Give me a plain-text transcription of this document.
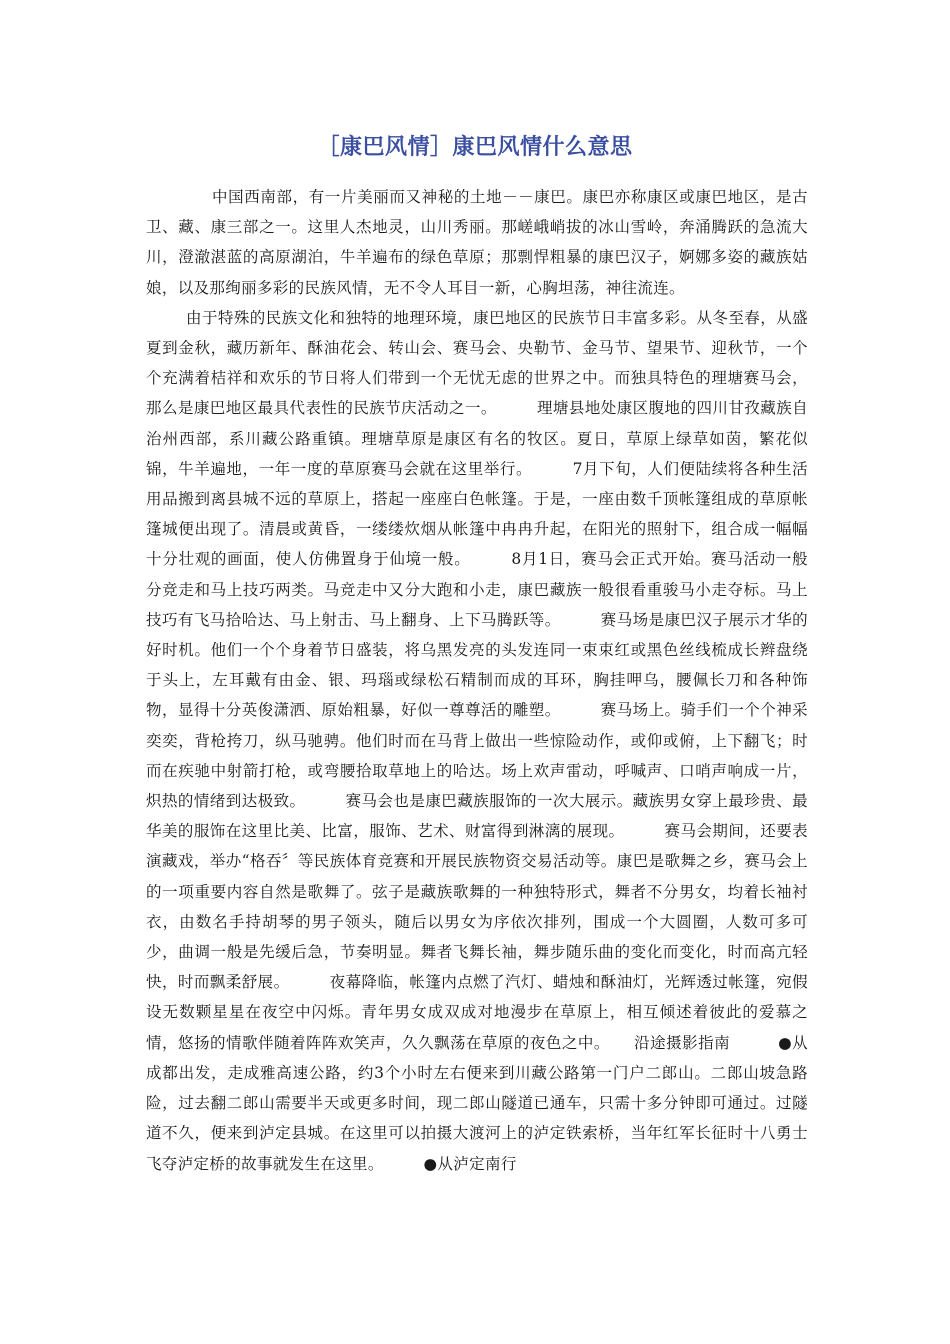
［康巴风情］康巴风情什么意思

中国西南部，有一片美丽而又神秘的土地－－康巴。康巴亦称康区或康巴地区，是古卫、藏、康三部之一。这里人杰地灵，山川秀丽。那嵯峨峭拔的冰山雪岭，奔涌腾跃的急流大川，澄澈湛蓝的高原湖泊，牛羊遍布的绿色草原；那剽悍粗暴的康巴汉子，婀娜多姿的藏族姑娘，以及那绚丽多彩的民族风情，无不令人耳目一新，心胸坦荡，神往流连。

由于特殊的民族文化和独特的地理环境，康巴地区的民族节日丰富多彩。从冬至春，从盛夏到金秋，藏历新年、酥油花会、转山会、赛马会、央勒节、金马节、望果节、迎秋节，一个个充满着桔祥和欢乐的节日将人们带到一个无忧无虑的世界之中。而独具特色的理塘赛马会，那么是康巴地区最具代表性的民族节庆活动之一。　　　理塘县地处康区腹地的四川甘孜藏族自治州西部，系川藏公路重镇。理塘草原是康区有名的牧区。夏日，草原上绿草如茵，繁花似锦，牛羊遍地，一年一度的草原赛马会就在这里举行。　　　7月下旬，人们便陆续将各种生活用品搬到离县城不远的草原上，搭起一座座白色帐篷。于是，一座由数千顶帐篷组成的草原帐篷城便出现了。清晨或黄昏，一缕缕炊烟从帐篷中冉冉升起，在阳光的照射下，组合成一幅幅十分壮观的画面，使人仿佛置身于仙境一般。　　　8月1日，赛马会正式开始。赛马活动一般分竞走和马上技巧两类。马竞走中又分大跑和小走，康巴藏族一般很看重骏马小走夺标。马上技巧有飞马拾哈达、马上射击、马上翻身、上下马腾跃等。　　　赛马场是康巴汉子展示才华的好时机。他们一个个身着节日盛装，将乌黑发亮的头发连同一束束红或黑色丝线梳成长辫盘绕于头上，左耳戴有由金、银、玛瑙或绿松石精制而成的耳环，胸挂呷乌，腰佩长刀和各种饰物，显得十分英俊潇洒、原始粗暴，好似一尊尊活的雕塑。　　　赛马场上。骑手们一个个神采奕奕，背枪挎刀，纵马驰骋。他们时而在马背上做出一些惊险动作，或仰或俯，上下翻飞；时而在疾驰中射箭打枪，或弯腰拾取草地上的哈达。场上欢声雷动，呼喊声、口哨声响成一片，炽热的情绪到达极致。　　　赛马会也是康巴藏族服饰的一次大展示。藏族男女穿上最珍贵、最华美的服饰在这里比美、比富，服饰、艺术、财富得到淋漓的展现。　　　赛马会期间，还要表演藏戏，举办“格吞〞等民族体育竞赛和开展民族物资交易活动等。康巴是歌舞之乡，赛马会上的一项重要内容自然是歌舞了。弦子是藏族歌舞的一种独特形式，舞者不分男女，均着长袖衬衣，由数名手持胡琴的男子领头，随后以男女为序依次排列，围成一个大圆圈，人数可多可少，曲调一般是先缓后急，节奏明显。舞者飞舞长袖，舞步随乐曲的变化而变化，时而高亢轻快，时而飘柔舒展。　　　夜幕降临，帐篷内点燃了汽灯、蜡烛和酥油灯，光辉透过帐篷，宛假设无数颗星星在夜空中闪烁。青年男女成双成对地漫步在草原上，相互倾述着彼此的爱慕之情，悠扬的情歌伴随着阵阵欢笑声，久久飘荡在草原的夜色之中。　　沿途摄影指南　　　●从成都出发，走成雅高速公路，约3个小时左右便来到川藏公路第一门户二郎山。二郎山坡急路险，过去翻二郎山需要半天或更多时间，现二郎山隧道已通车，只需十多分钟即可通过。过隧道不久，便来到泸定县城。在这里可以拍摄大渡河上的泸定铁索桥，当年红军长征时十八勇士飞夺泸定桥的故事就发生在这里。　　　●从泸定南行
